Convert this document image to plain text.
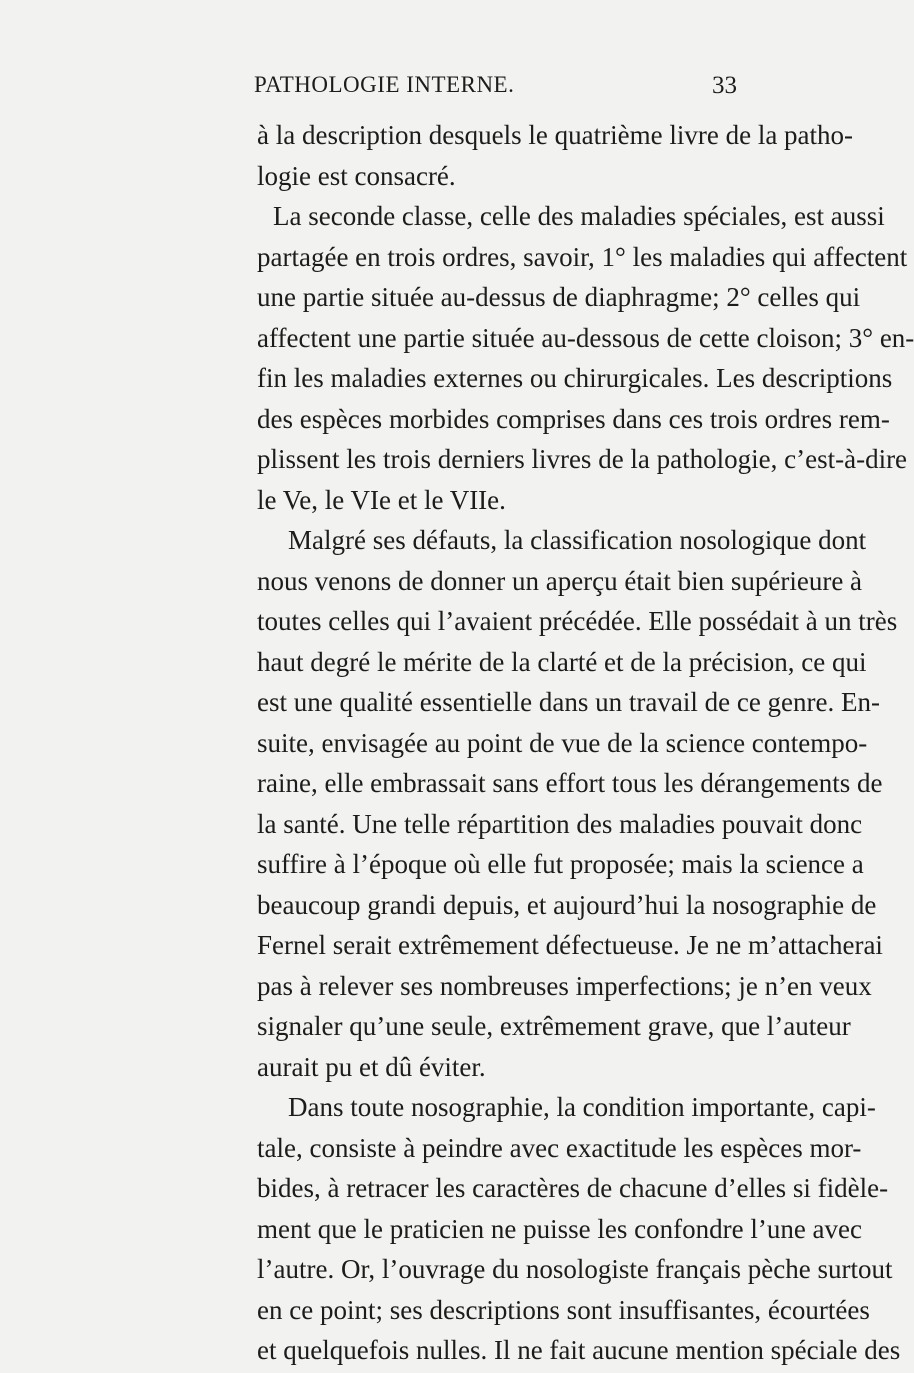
PATHOLOGIE INTERNE.	33
à la description desquels le quatrième livre de la patho-
logie est consacré.
La seconde classe, celle des maladies spéciales, est aussi
partagée en trois ordres, savoir, 1° les maladies qui affectent
une partie située au-dessus de diaphragme; 2° celles qui
affectent une partie située au-dessous de cette cloison; 3° en-
fin les maladies externes ou chirurgicales. Les descriptions
des espèces morbides comprises dans ces trois ordres rem-
plissent les trois derniers livres de la pathologie, c’est-à-dire
le Ve, le VIe et le VIIe.
Malgré ses défauts, la classification nosologique dont
nous venons de donner un aperçu était bien supérieure à
toutes celles qui l’avaient précédée. Elle possédait à un très
haut degré le mérite de la clarté et de la précision, ce qui
est une qualité essentielle dans un travail de ce genre. En-
suite, envisagée au point de vue de la science contempo-
raine, elle embrassait sans effort tous les dérangements de
la santé. Une telle répartition des maladies pouvait donc
suffire à l’époque où elle fut proposée; mais la science a
beaucoup grandi depuis, et aujourd’hui la nosographie de
Fernel serait extrêmement défectueuse. Je ne m’attacherai
pas à relever ses nombreuses imperfections; je n’en veux
signaler qu’une seule, extrêmement grave, que l’auteur
aurait pu et dû éviter.
Dans toute nosographie, la condition importante, capi-
tale, consiste à peindre avec exactitude les espèces mor-
bides, à retracer les caractères de chacune d’elles si fidèle-
ment que le praticien ne puisse les confondre l’une avec
l’autre. Or, l’ouvrage du nosologiste français pèche surtout
en ce point; ses descriptions sont insuffisantes, écourtées
et quelquefois nulles. Il ne fait aucune mention spéciale des
